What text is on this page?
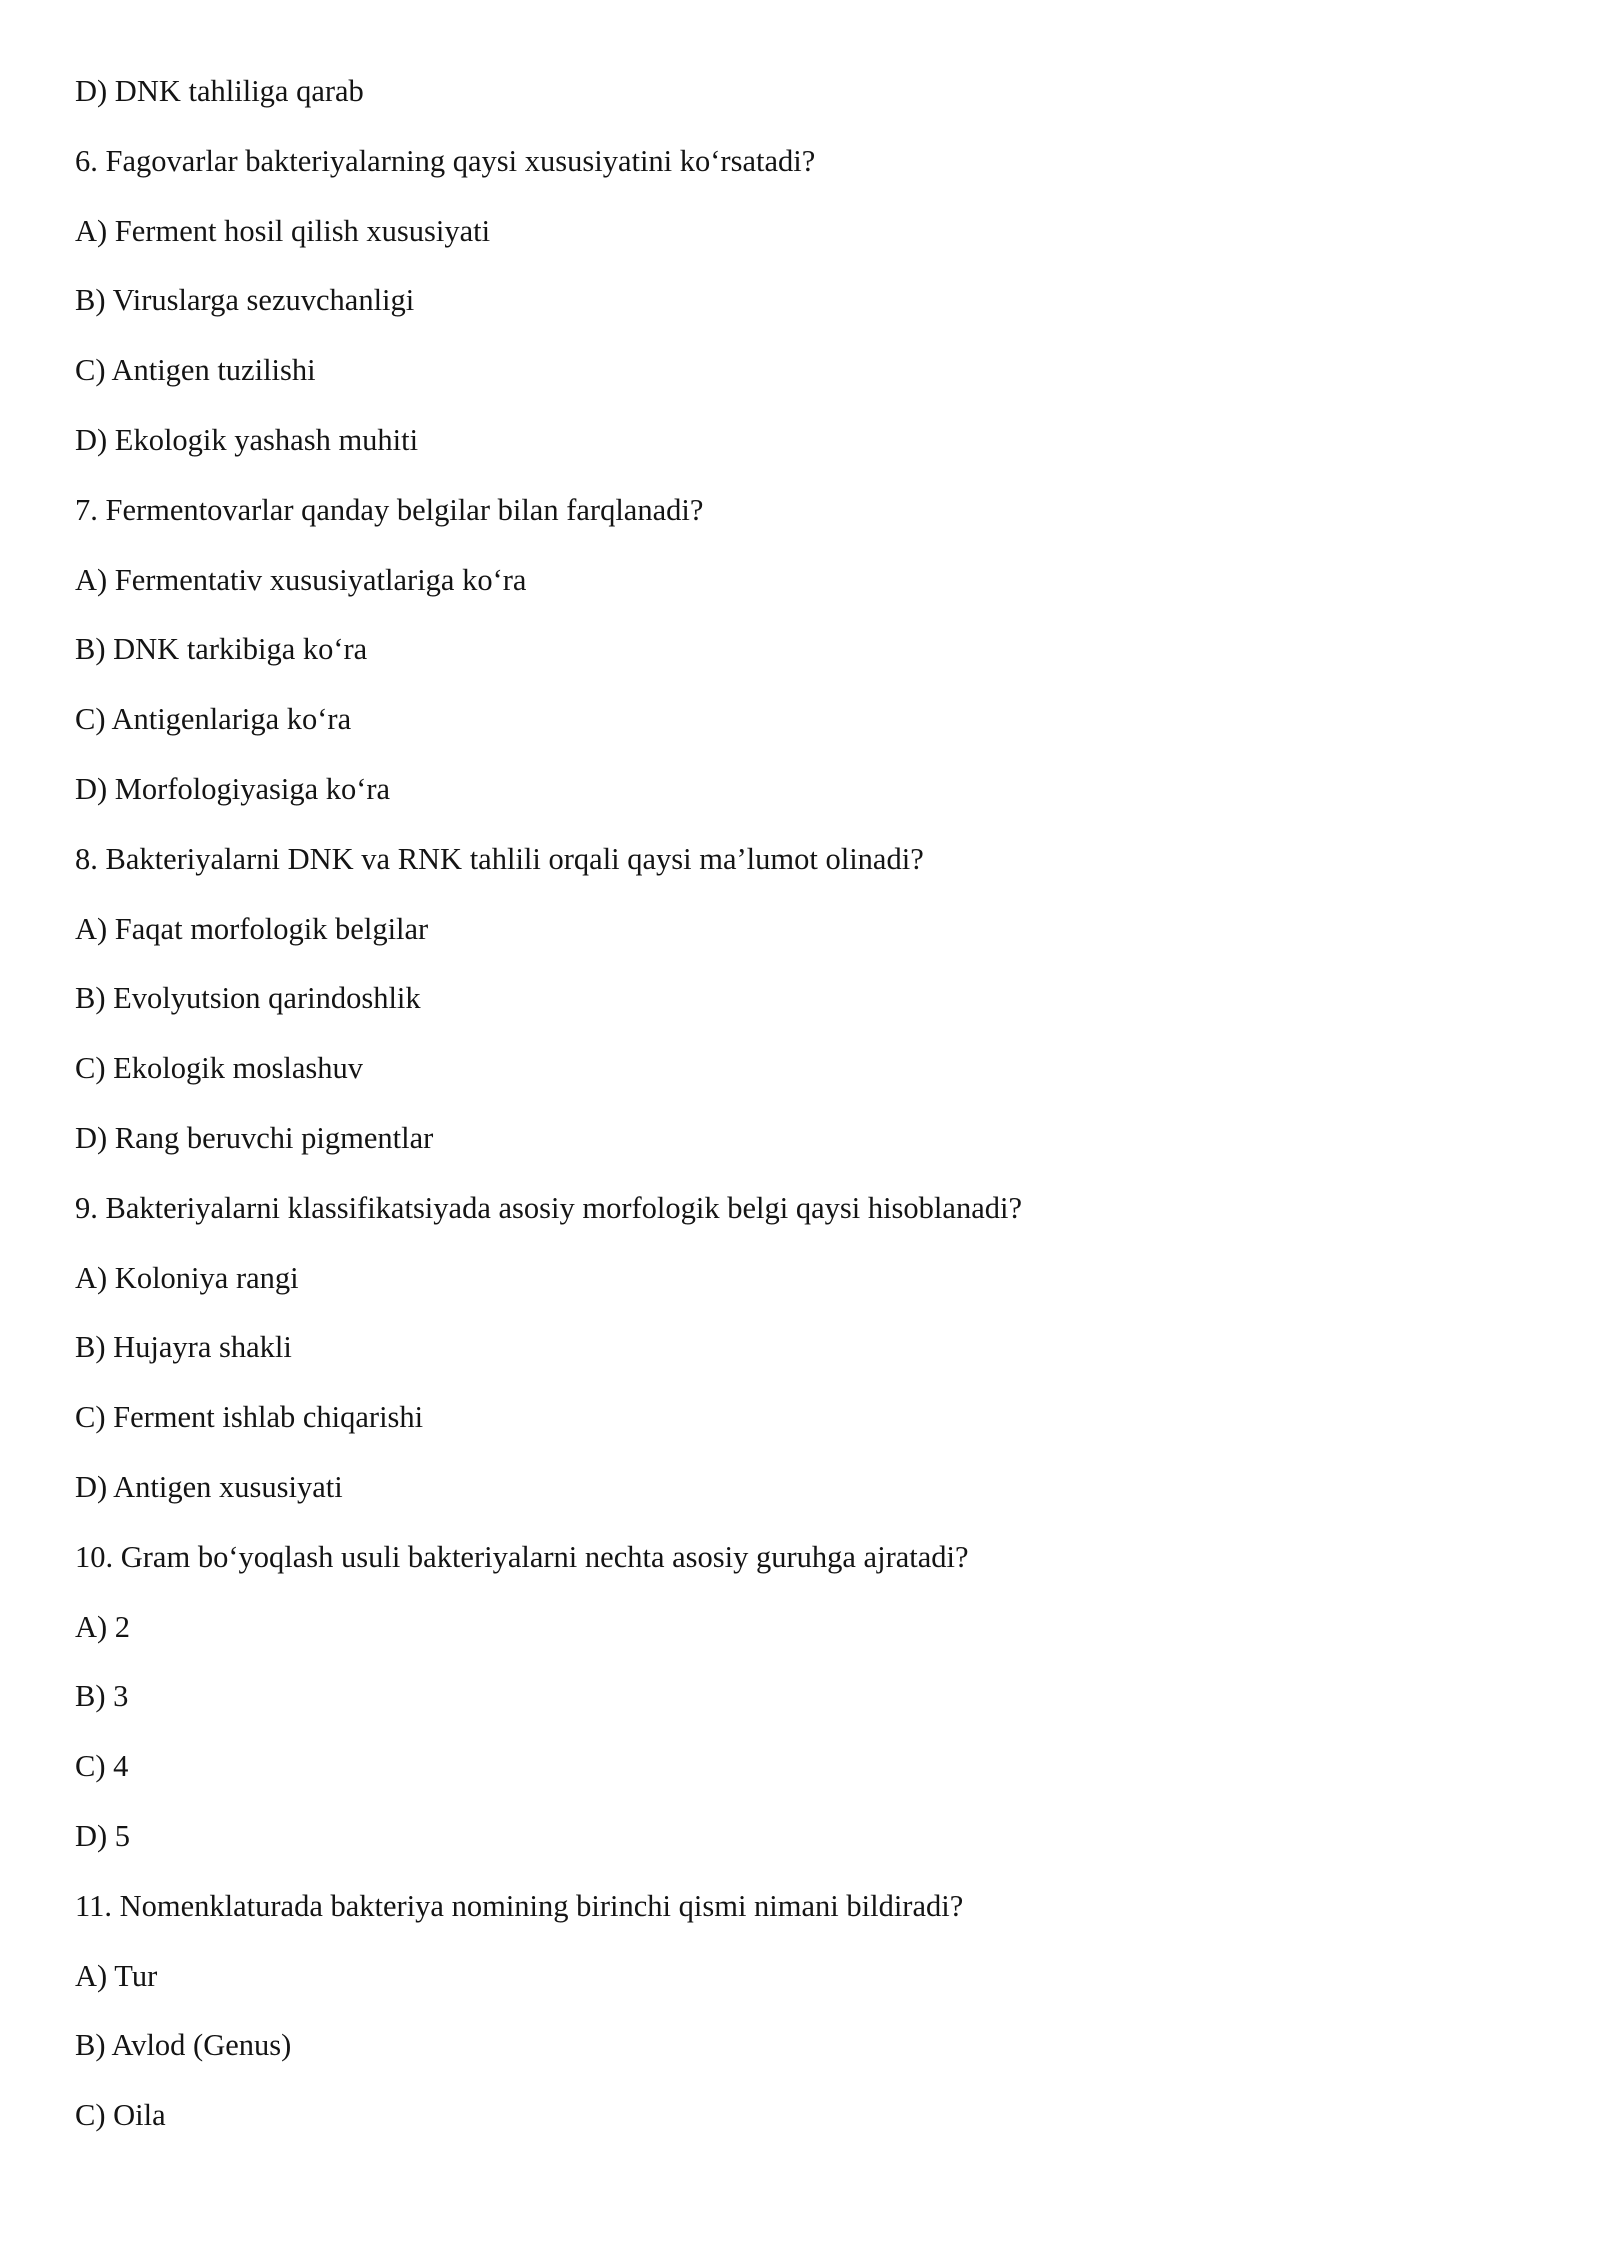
D) DNK tahliliga qarab
6. Fagovarlar bakteriyalarning qaysi xususiyatini ko‘rsatadi?
A) Ferment hosil qilish xususiyati
B) Viruslarga sezuvchanligi
C) Antigen tuzilishi
D) Ekologik yashash muhiti
7. Fermentovarlar qanday belgilar bilan farqlanadi?
A) Fermentativ xususiyatlariga ko‘ra
B) DNK tarkibiga ko‘ra
C) Antigenlariga ko‘ra
D) Morfologiyasiga ko‘ra
8. Bakteriyalarni DNK va RNK tahlili orqali qaysi ma’lumot olinadi?
A) Faqat morfologik belgilar
B) Evolyutsion qarindoshlik
C) Ekologik moslashuv
D) Rang beruvchi pigmentlar
9. Bakteriyalarni klassifikatsiyada asosiy morfologik belgi qaysi hisoblanadi?
A) Koloniya rangi
B) Hujayra shakli
C) Ferment ishlab chiqarishi
D) Antigen xususiyati
10. Gram bo‘yoqlash usuli bakteriyalarni nechta asosiy guruhga ajratadi?
A) 2
B) 3
C) 4
D) 5
11. Nomenklaturada bakteriya nomining birinchi qismi nimani bildiradi?
A) Tur
B) Avlod (Genus)
C) Oila
